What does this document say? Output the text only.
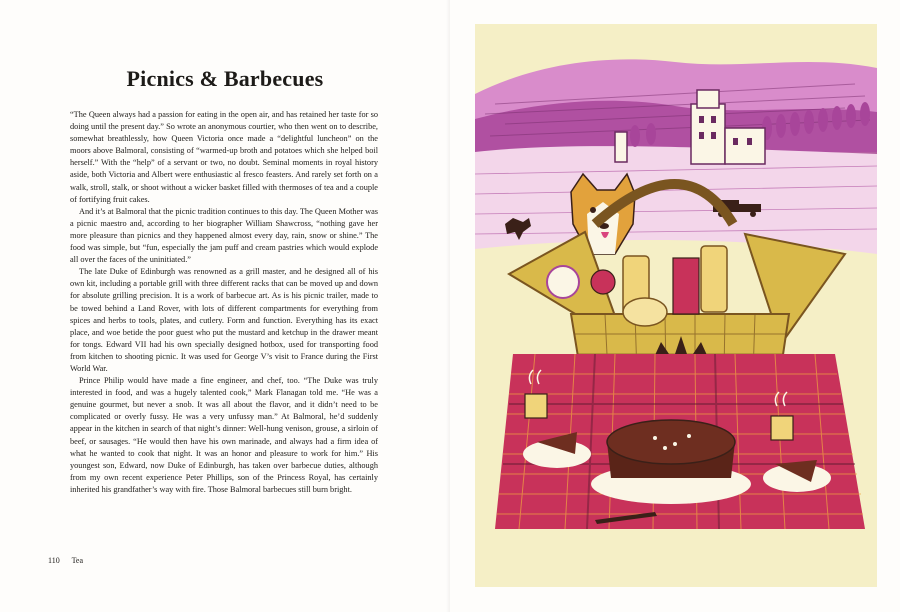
Picnics & Barbecues

“The Queen always had a passion for eating in the open air, and has retained her taste for so doing until the present day.” So wrote an anonymous courtier, who then went on to describe, somewhat breathlessly, how Queen Victoria once made a “delightful luncheon” on the moors above Balmoral, consisting of “warmed-up broth and potatoes which she helped boil herself.” With the “help” of a servant or two, no doubt. Seminal moments in royal history aside, both Victoria and Albert were enthusiastic al fresco feasters. And rarely set forth on a walk, stroll, stalk, or shoot without a wicker basket filled with thermoses of tea and a couple of fortifying fruit cakes.

And it’s at Balmoral that the picnic tradition continues to this day. The Queen Mother was a picnic maestro and, according to her biographer William Shawcross, “nothing gave her more pleasure than picnics and they happened almost every day, rain, snow or shine.” The food was simple, but “fun, especially the jam puff and cream pastries which would explode all over the faces of the uninitiated.”

The late Duke of Edinburgh was renowned as a grill master, and he designed all of his own kit, including a portable grill with three different racks that can be moved up and down for absolute grilling precision. It is a work of barbecue art. As is his picnic trailer, made to be towed behind a Land Rover, with lots of different compartments for everything from spices and herbs to tools, plates, and cutlery. Form and function. Everything has its exact place, and woe betide the poor guest who put the mustard and ketchup in the drawer meant for tongs. Edward VII had his own specially designed hotbox, used for transporting food from kitchen to shooting picnic. It was used for George V’s visit to France during the First World War.

Prince Philip would have made a fine engineer, and chef, too. “The Duke was truly interested in food, and was a hugely talented cook,” Mark Flanagan told me. “He was a genuine gourmet, but never a snob. It was all about the flavor, and it didn’t need to be complicated or overly fussy. He was a very unfussy man.” At Balmoral, he’d suddenly appear in the kitchen in search of that night’s dinner: Well-hung venison, grouse, a sirloin of beef, or sausages. “He would then have his own marinade, and always had a firm idea of what he wanted to cook that night. It was an honor and pleasure to work for him.” His youngest son, Edward, now Duke of Edinburgh, has taken over barbecue duties, although from my own recent experience Peter Phillips, son of the Princess Royal, has certainly inherited his grandfather’s way with fire. Those Balmoral barbecues still burn bright.

110 Tea
